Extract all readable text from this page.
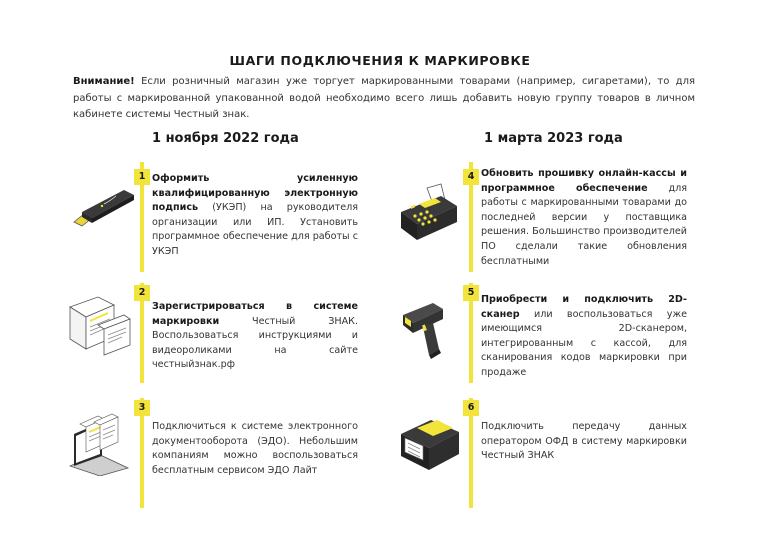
ШАГИ ПОДКЛЮЧЕНИЯ К МАРКИРОВКЕ
Внимание! Если розничный магазин уже торгует маркированными товарами (например, сигаретами), то для работы с маркированной упакованной водой необходимо всего лишь добавить новую группу товаров в личном кабинете системы Честный знак.
1 ноября 2022 года	1 марта 2023 года
1 Оформить усиленную квалифицированную электронную подпись (УКЭП) на руководителя организации или ИП. Установить программное обеспечение для работы с УКЭП
2
Зарегистрироваться в системе маркировки Честный ЗНАК. Воспользоваться инструкциями и видеороликами на сайте честныйзнак.рф
3
Подключиться к системе электронного документооборота (ЭДО). Небольшим компаниям можно воспользоваться бесплатным сервисом ЭДО Лайт
4 Обновить прошивку онлайн-кассы и программное обеспечение для работы с маркированными товарами до последней версии у поставщика решения. Большинство производителей ПО сделали такие обновления бесплатными
5
Приобрести и подключить 2D-сканер или воспользоваться уже имеющимся 2D-сканером, интегрированным с кассой, для сканирования кодов маркировки при продаже
6
Подключить передачу данных оператором ОФД в систему маркировки Честный ЗНАК
